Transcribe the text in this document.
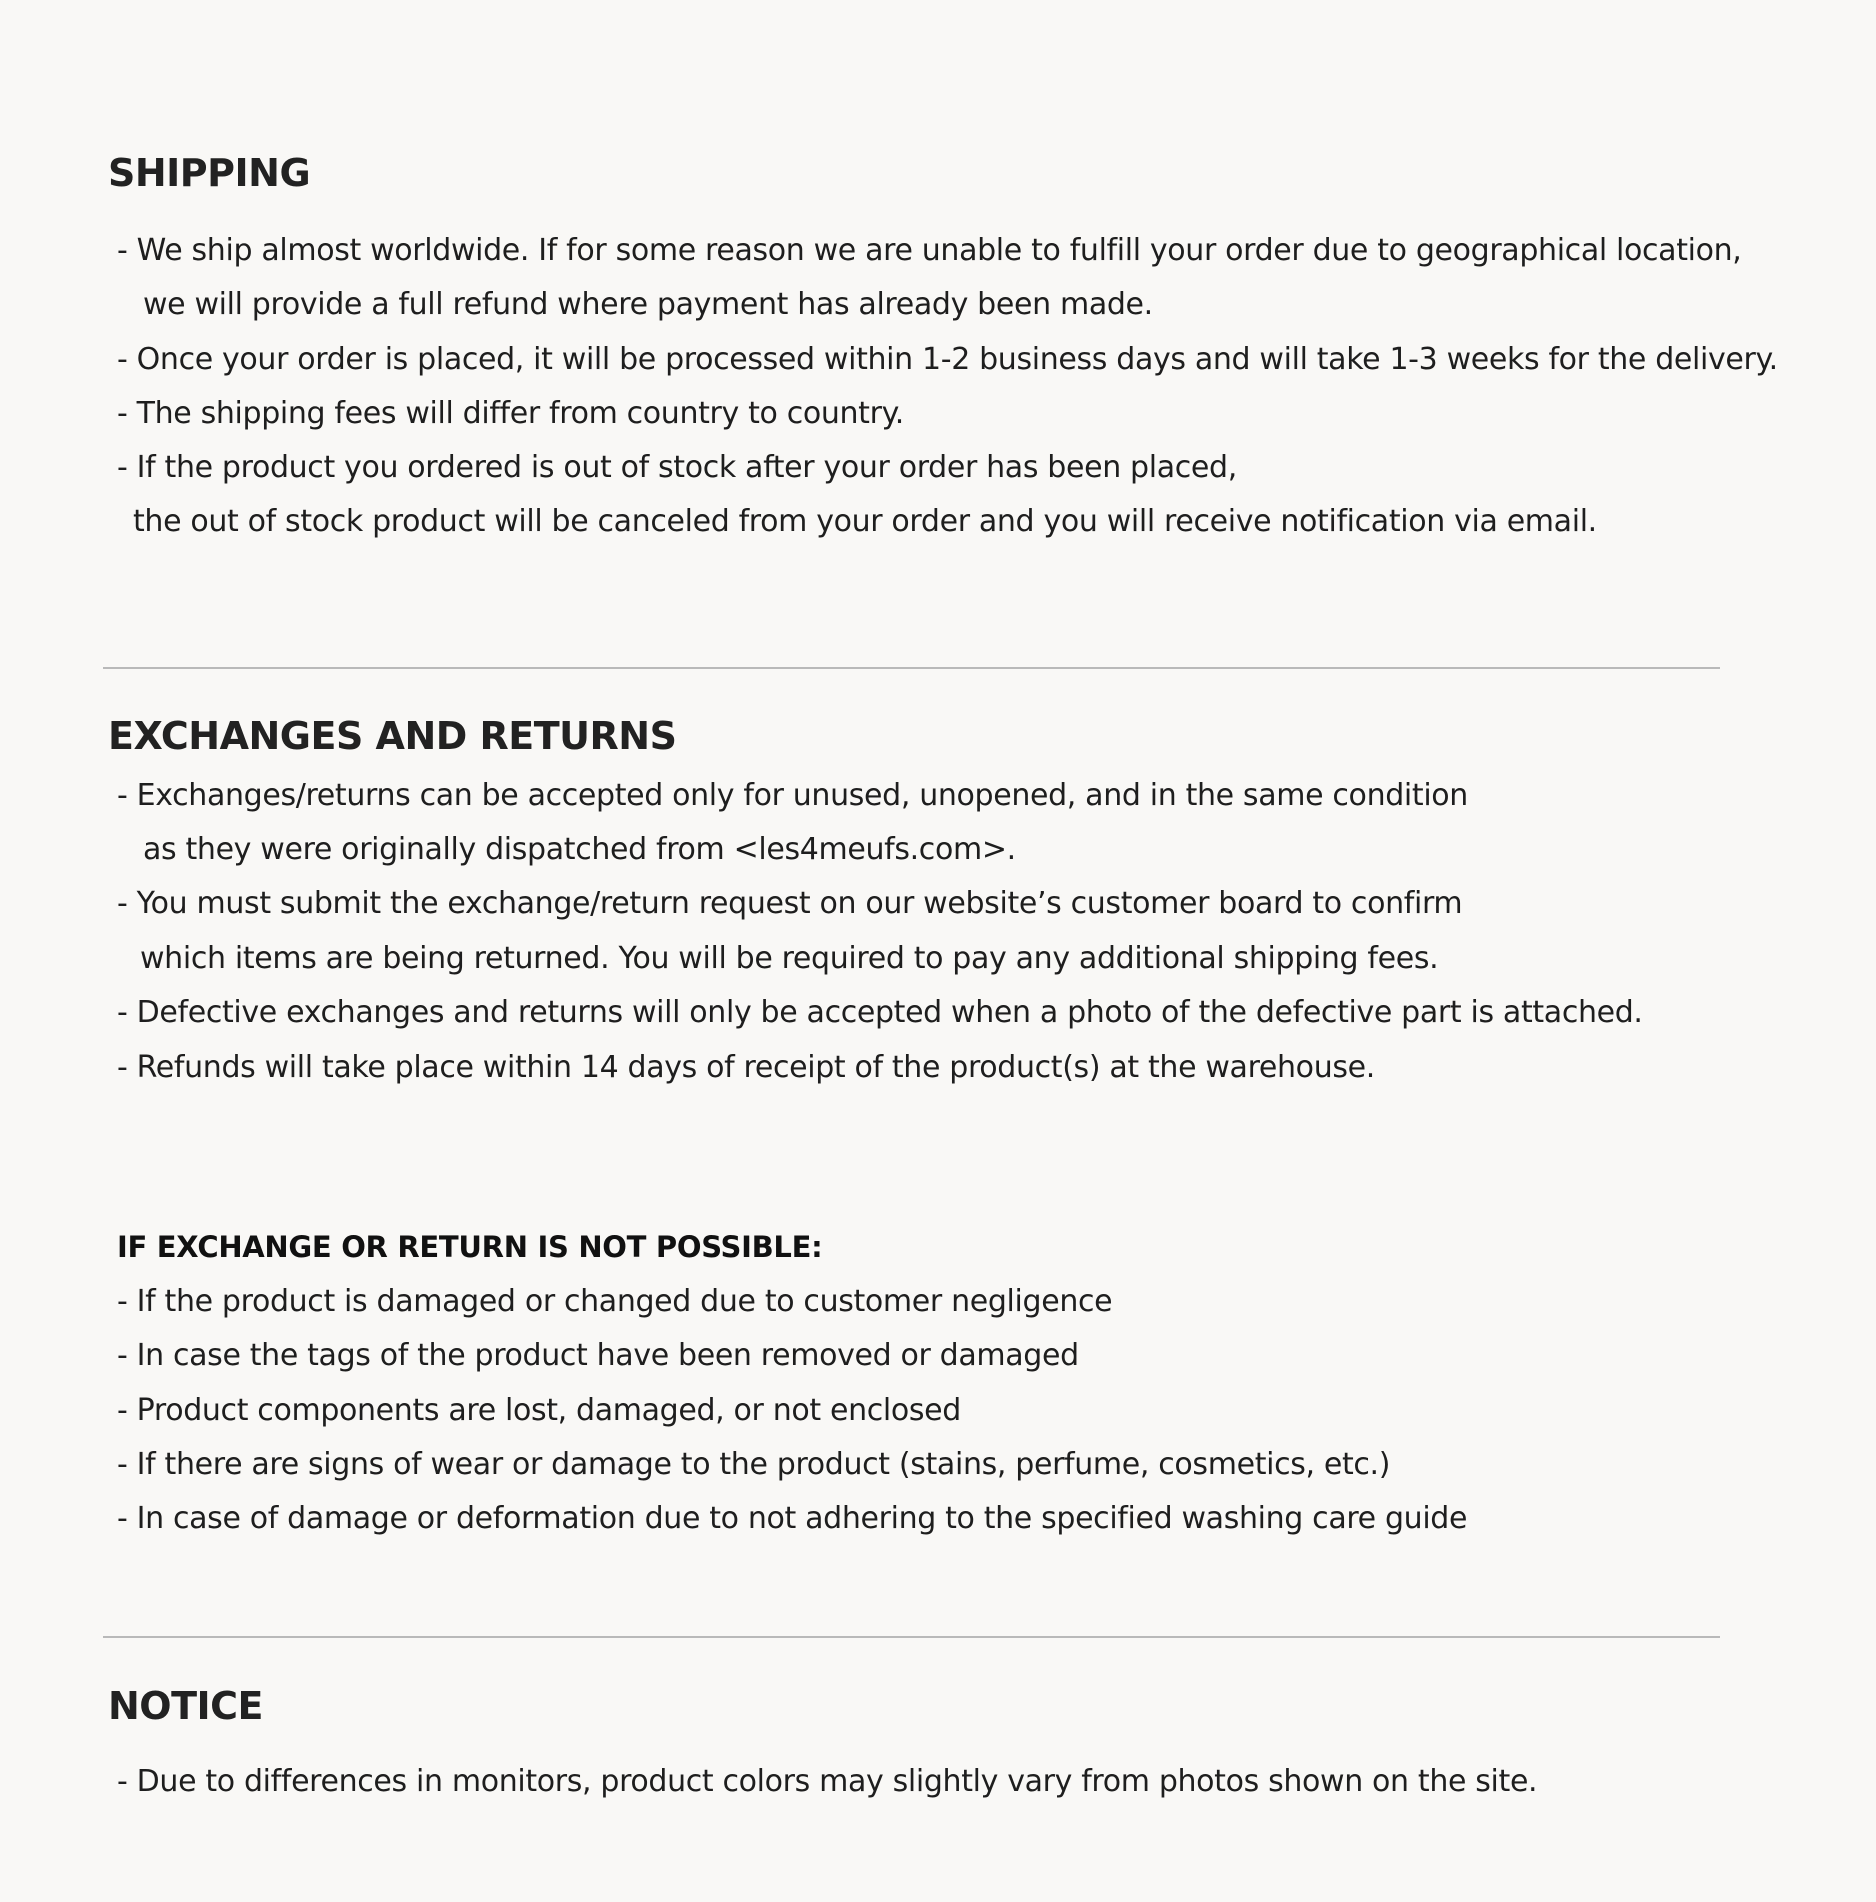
SHIPPING

- We ship almost worldwide. If for some reason we are unable to fulfill your order due to geographical location,

we will provide a full refund where payment has already been made.

- Once your order is placed, it will be processed within 1-2 business days and will take 1-3 weeks for the delivery.

- The shipping fees will differ from country to country.

- If the product you ordered is out of stock after your order has been placed,

the out of stock product will be canceled from your order and you will receive notification via email.

EXCHANGES AND RETURNS

- Exchanges/returns can be accepted only for unused, unopened, and in the same condition

as they were originally dispatched from <les4meufs.com>.

- You must submit the exchange/return request on our website’s customer board to confirm

which items are being returned. You will be required to pay any additional shipping fees.

- Defective exchanges and returns will only be accepted when a photo of the defective part is attached.

- Refunds will take place within 14 days of receipt of the product(s) at the warehouse.

IF EXCHANGE OR RETURN IS NOT POSSIBLE:

- If the product is damaged or changed due to customer negligence

- In case the tags of the product have been removed or damaged

- Product components are lost, damaged, or not enclosed

- If there are signs of wear or damage to the product (stains, perfume, cosmetics, etc.)

- In case of damage or deformation due to not adhering to the specified washing care guide

NOTICE

- Due to differences in monitors, product colors may slightly vary from photos shown on the site.
